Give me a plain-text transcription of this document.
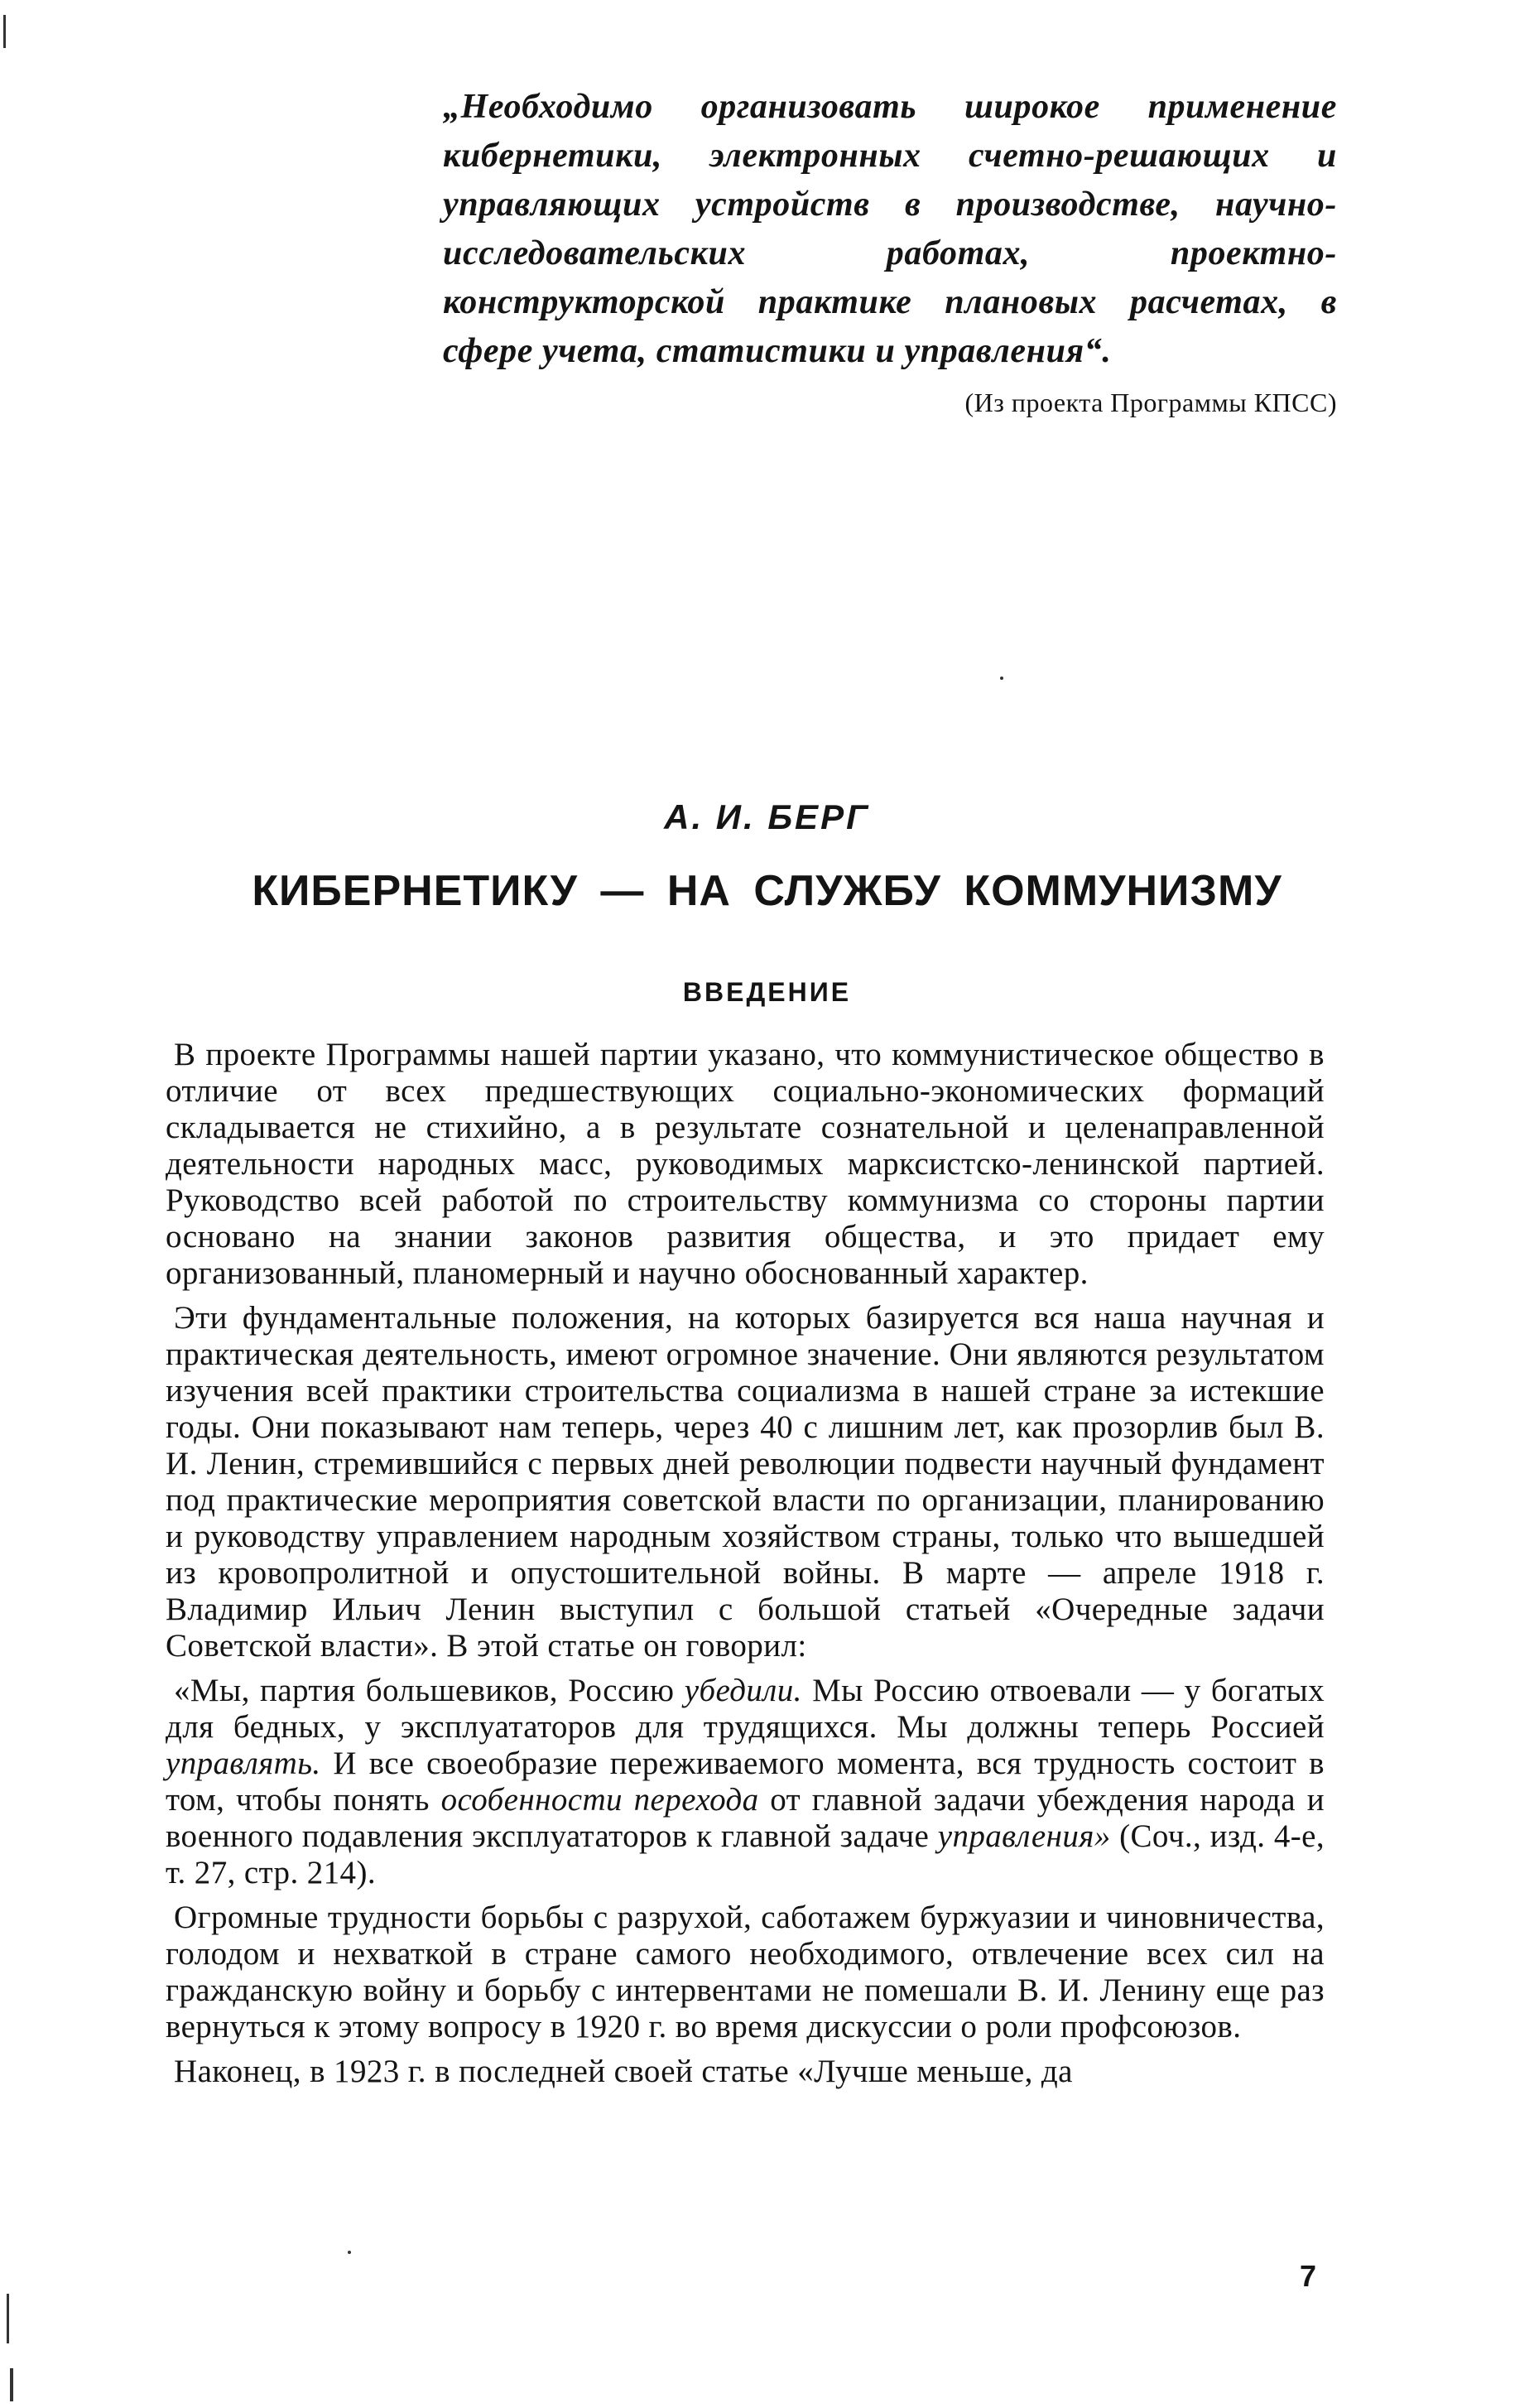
„Необходимо организовать широкое применение кибернетики, электронных счетно-решающих и управляющих устройств в производстве, научно-исследовательских работах, проектно-конструкторской практике плановых расчетах, в сфере учета, статистики и управления“.

(Из проекта Программы КПСС)
А. И. БЕРГ
КИБЕРНЕТИКУ — НА СЛУЖБУ КОММУНИЗМУ
ВВЕДЕНИЕ

В проекте Программы нашей партии указано, что коммунистическое общество в отличие от всех предшествующих социально-экономических формаций складывается не стихийно, а в результате сознательной и целенаправленной деятельности народных масс, руководимых марксистско-ленинской партией. Руководство всей работой по строительству коммунизма со стороны партии основано на знании законов развития общества, и это придает ему организованный, планомерный и научно обоснованный характер.

Эти фундаментальные положения, на которых базируется вся наша научная и практическая деятельность, имеют огромное значение. Они являются результатом изучения всей практики строительства социализма в нашей стране за истекшие годы. Они показывают нам теперь, через 40 с лишним лет, как прозорлив был В. И. Ленин, стремившийся с первых дней революции подвести научный фундамент под практические мероприятия советской власти по организации, планированию и руководству управлением народным хозяйством страны, только что вышедшей из кровопролитной и опустошительной войны. В марте — апреле 1918 г. Владимир Ильич Ленин выступил с большой статьей «Очередные задачи Советской власти». В этой статье он говорил:

«Мы, партия большевиков, Россию убедили. Мы Россию отвоевали — у богатых для бедных, у эксплуататоров для трудящихся. Мы должны теперь Россией управлять. И все своеобразие переживаемого момента, вся трудность состоит в том, чтобы понять особенности перехода от главной задачи убеждения народа и военного подавления эксплуататоров к главной задаче управления» (Соч., изд. 4-е, т. 27, стр. 214).

Огромные трудности борьбы с разрухой, саботажем буржуазии и чиновничества, голодом и нехваткой в стране самого необходимого, отвлечение всех сил на гражданскую войну и борьбу с интервентами не помешали В. И. Ленину еще раз вернуться к этому вопросу в 1920 г. во время дискуссии о роли профсоюзов.

Наконец, в 1923 г. в последней своей статье «Лучше меньше, да

7
